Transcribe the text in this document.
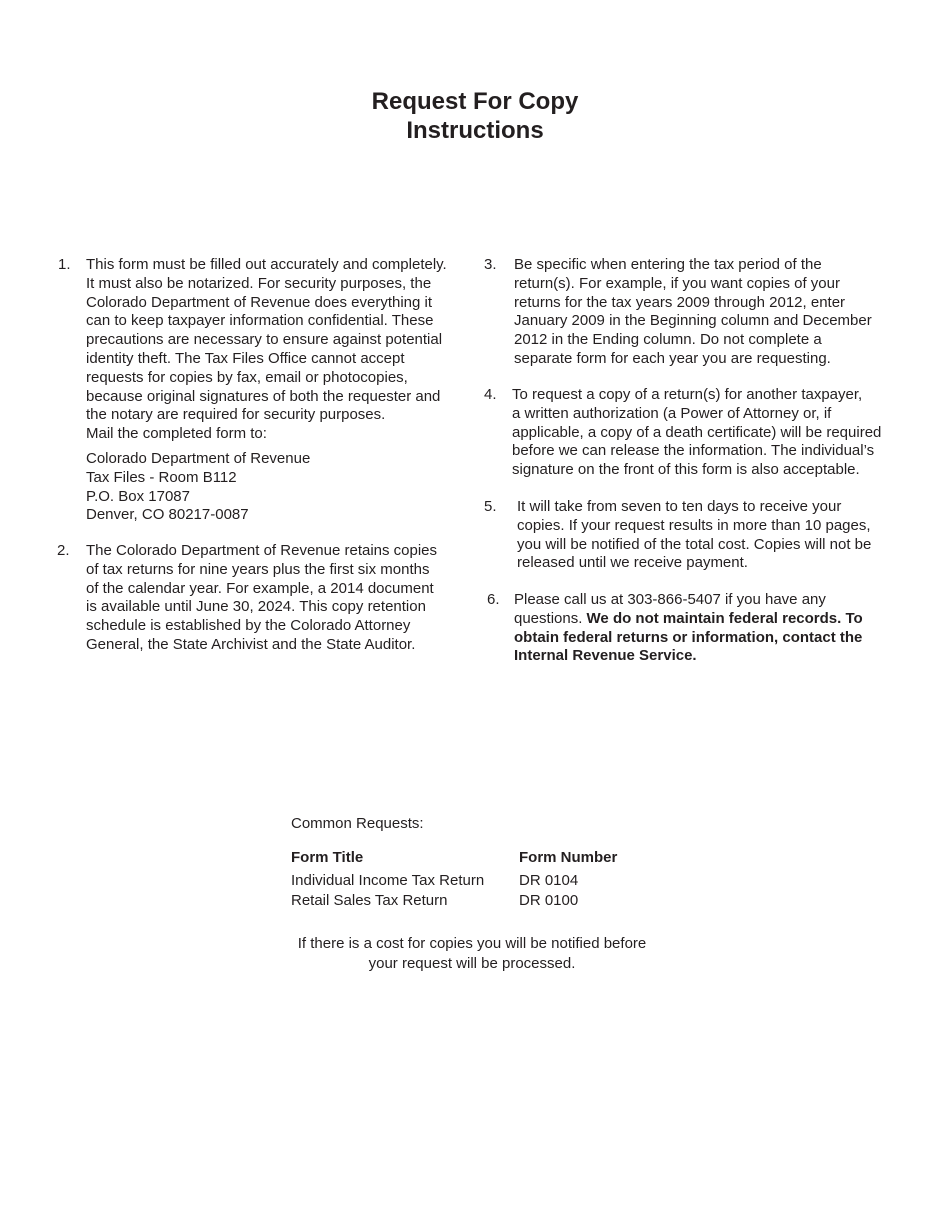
Request For Copy
Instructions
1. This form must be filled out accurately and completely.

It must also be notarized. For security purposes, the

Colorado Department of Revenue does everything it

can to keep taxpayer information confidential. These

precautions are necessary to ensure against potential

identity theft. The Tax Files Office cannot accept

requests for copies by fax, email or photocopies,

because original signatures of both the requester and

the notary are required for security purposes.

Mail the completed form to:

Colorado Department of Revenue

Tax Files - Room B112

P.O. Box 17087

Denver, CO 80217-0087

2. The Colorado Department of Revenue retains copies

of tax returns for nine years plus the first six months

of the calendar year. For example, a 2014 document

is available until June 30, 2024. This copy retention

schedule is established by the Colorado Attorney

General, the State Archivist and the State Auditor.

3. Be specific when entering the tax period of the

return(s). For example, if you want copies of your

returns for the tax years 2009 through 2012, enter

January 2009 in the Beginning column and December

2012 in the Ending column. Do not complete a

separate form for each year you are requesting.

4. To request a copy of a return(s) for another taxpayer,

a written authorization (a Power of Attorney or, if

applicable, a copy of a death certificate) will be required

before we can release the information. The individual’s

signature on the front of this form is also acceptable.

5. It will take from seven to ten days to receive your

copies. If your request results in more than 10 pages,

you will be notified of the total cost. Copies will not be

released until we receive payment.

6. Please call us at 303-866-5407 if you have any

questions. We do not maintain federal records. To

obtain federal returns or information, contact the

Internal Revenue Service.

Common Requests:
Form Title	Form Number
Individual Income Tax Return DR 0104
Retail Sales Tax Return	DR 0100
If there is a cost for copies you will be notified before
your request will be processed.
